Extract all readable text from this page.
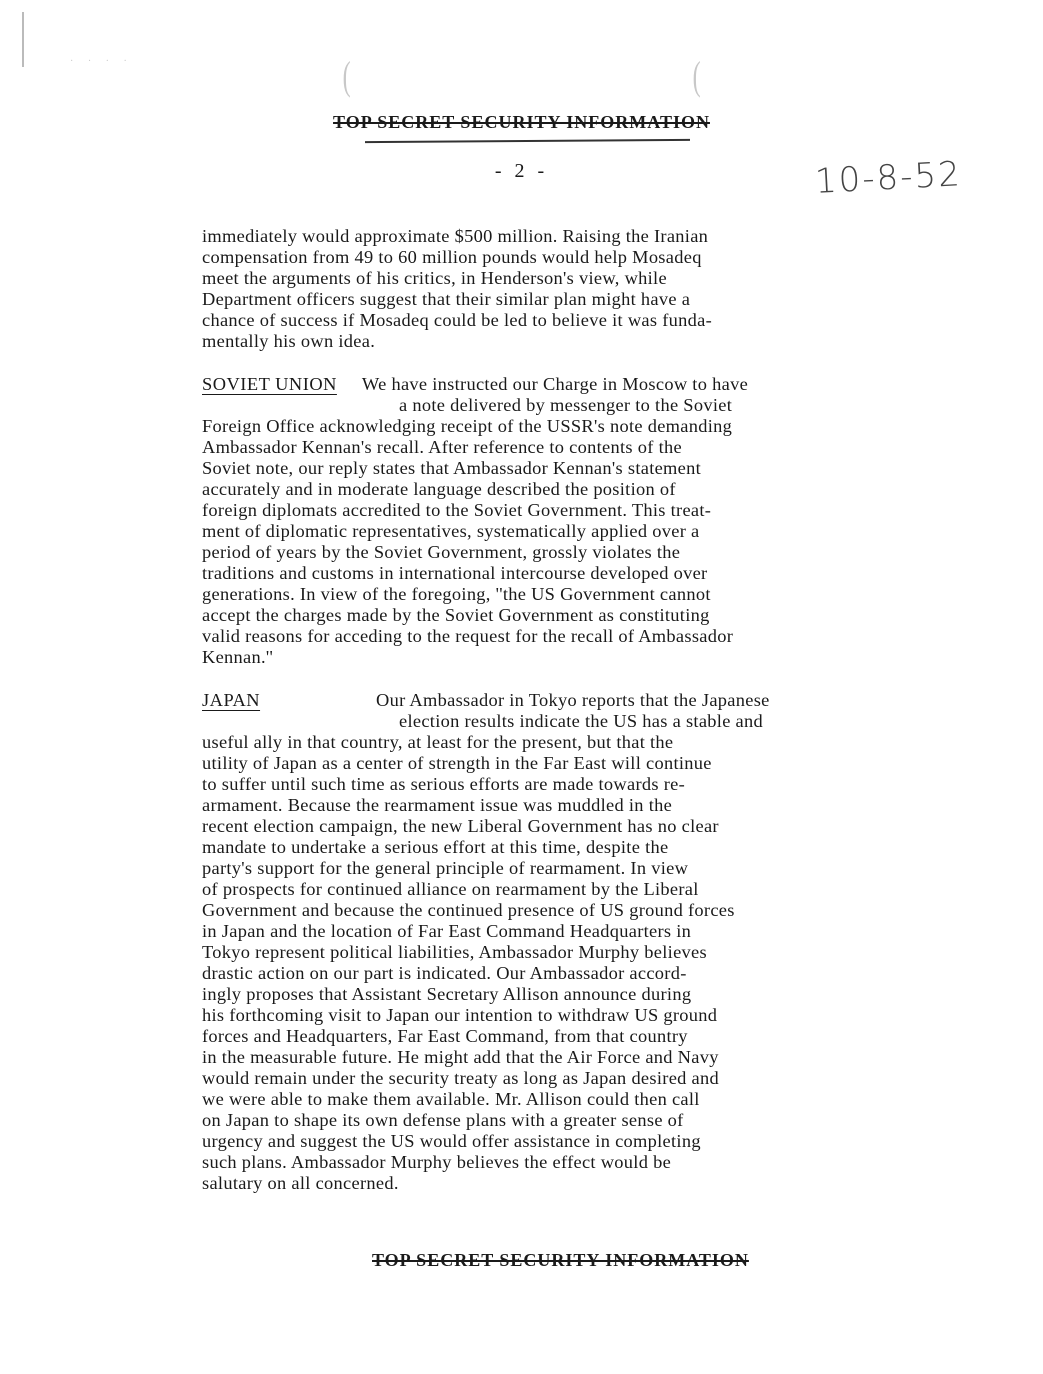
· · · ·	(	(
TOP SECRET SECURITY INFORMATION
- 2 -	10-8-52
immediately would approximate $500 million. Raising the Iranian
compensation from 49 to 60 million pounds would help Mosadeq
meet the arguments of his critics, in Henderson's view, while
Department officers suggest that their similar plan might have a
chance of success if Mosadeq could be led to believe it was funda-
mentally his own idea.
SOVIET UNION We have instructed our Charge in Moscow to have
a note delivered by messenger to the Soviet
Foreign Office acknowledging receipt of the USSR's note demanding
Ambassador Kennan's recall. After reference to contents of the
Soviet note, our reply states that Ambassador Kennan's statement
accurately and in moderate language described the position of
foreign diplomats accredited to the Soviet Government. This treat-
ment of diplomatic representatives, systematically applied over a
period of years by the Soviet Government, grossly violates the
traditions and customs in international intercourse developed over
generations. In view of the foregoing, ''the US Government cannot
accept the charges made by the Soviet Government as constituting
valid reasons for acceding to the request for the recall of Ambassador
Kennan.''
JAPAN	Our Ambassador in Tokyo reports that the Japanese
election results indicate the US has a stable and
useful ally in that country, at least for the present, but that the
utility of Japan as a center of strength in the Far East will continue
to suffer until such time as serious efforts are made towards re-
armament. Because the rearmament issue was muddled in the
recent election campaign, the new Liberal Government has no clear
mandate to undertake a serious effort at this time, despite the
party's support for the general principle of rearmament. In view
of prospects for continued alliance on rearmament by the Liberal
Government and because the continued presence of US ground forces
in Japan and the location of Far East Command Headquarters in
Tokyo represent political liabilities, Ambassador Murphy believes
drastic action on our part is indicated. Our Ambassador accord-
ingly proposes that Assistant Secretary Allison announce during
his forthcoming visit to Japan our intention to withdraw US ground
forces and Headquarters, Far East Command, from that country
in the measurable future. He might add that the Air Force and Navy
would remain under the security treaty as long as Japan desired and
we were able to make them available. Mr. Allison could then call
on Japan to shape its own defense plans with a greater sense of
urgency and suggest the US would offer assistance in completing
such plans. Ambassador Murphy believes the effect would be
salutary on all concerned.
TOP SECRET SECURITY INFORMATION
